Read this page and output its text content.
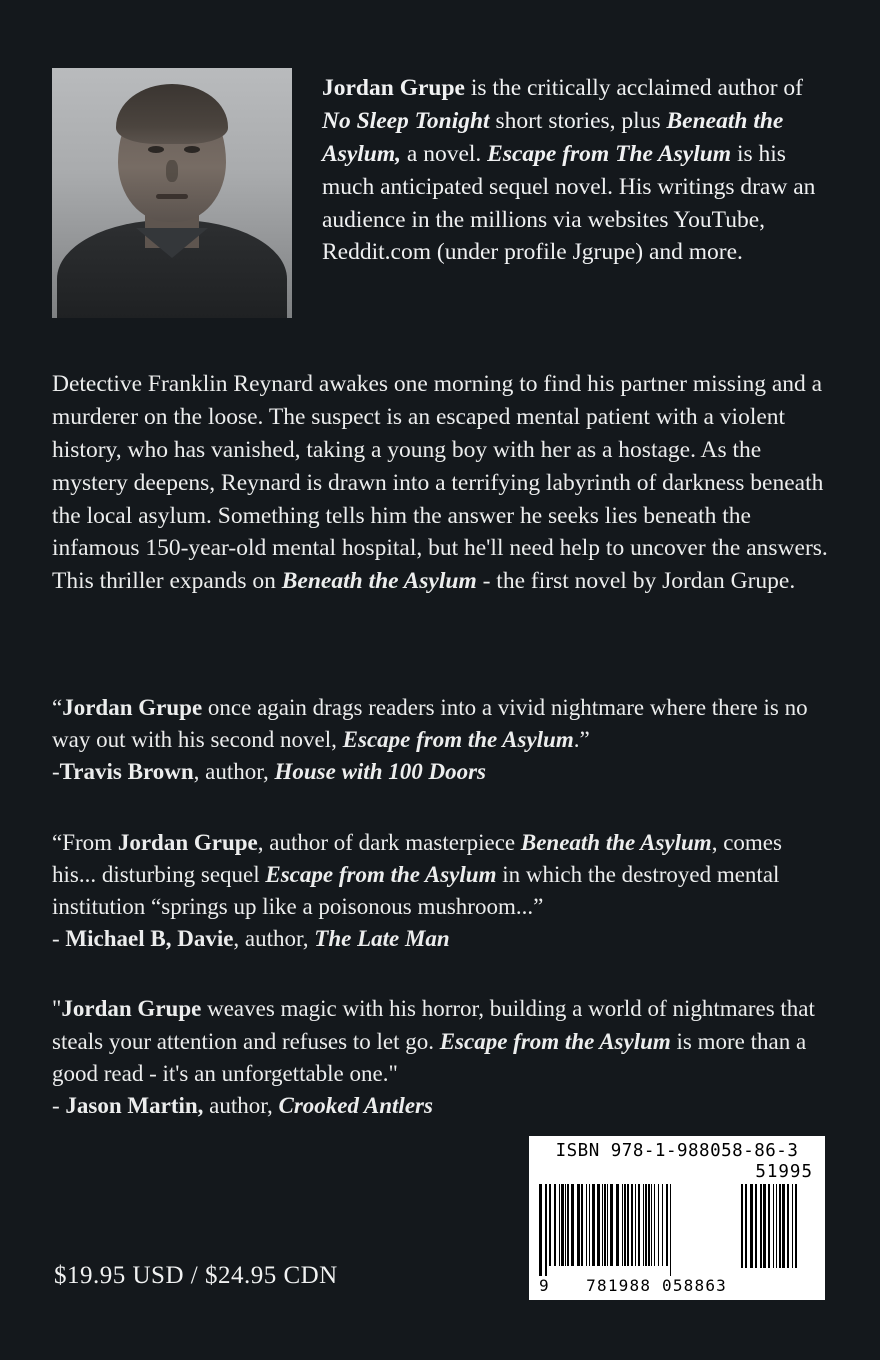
Jordan Grupe is the critically acclaimed author of No Sleep Tonight short stories, plus Beneath the Asylum, a novel. Escape from The Asylum is his much anticipated sequel novel. His writings draw an audience in the millions via websites YouTube, Reddit.com (under profile Jgrupe) and more.
Detective Franklin Reynard awakes one morning to find his partner missing and a murderer on the loose. The suspect is an escaped mental patient with a violent history, who has vanished, taking a young boy with her as a hostage. As the mystery deepens, Reynard is drawn into a terrifying labyrinth of darkness beneath the local asylum. Something tells him the answer he seeks lies beneath the infamous 150-year-old mental hospital, but he'll need help to uncover the answers. This thriller expands on Beneath the Asylum - the first novel by Jordan Grupe.
“Jordan Grupe once again drags readers into a vivid nightmare where there is no way out with his second novel, Escape from the Asylum.”
-Travis Brown, author, House with 100 Doors
“From Jordan Grupe, author of dark masterpiece Beneath the Asylum, comes his... disturbing sequel Escape from the Asylum in which the destroyed mental institution “springs up like a poisonous mushroom...”
- Michael B, Davie, author, The Late Man
"Jordan Grupe weaves magic with his horror, building a world of nightmares that steals your attention and refuses to let go. Escape from the Asylum is more than a good read - it's an unforgettable one."
- Jason Martin, author, Crooked Antlers
$19.95 USD / $24.95 CDN
ISBN 978-1-988058-86-3
51995
9 781988 058863
